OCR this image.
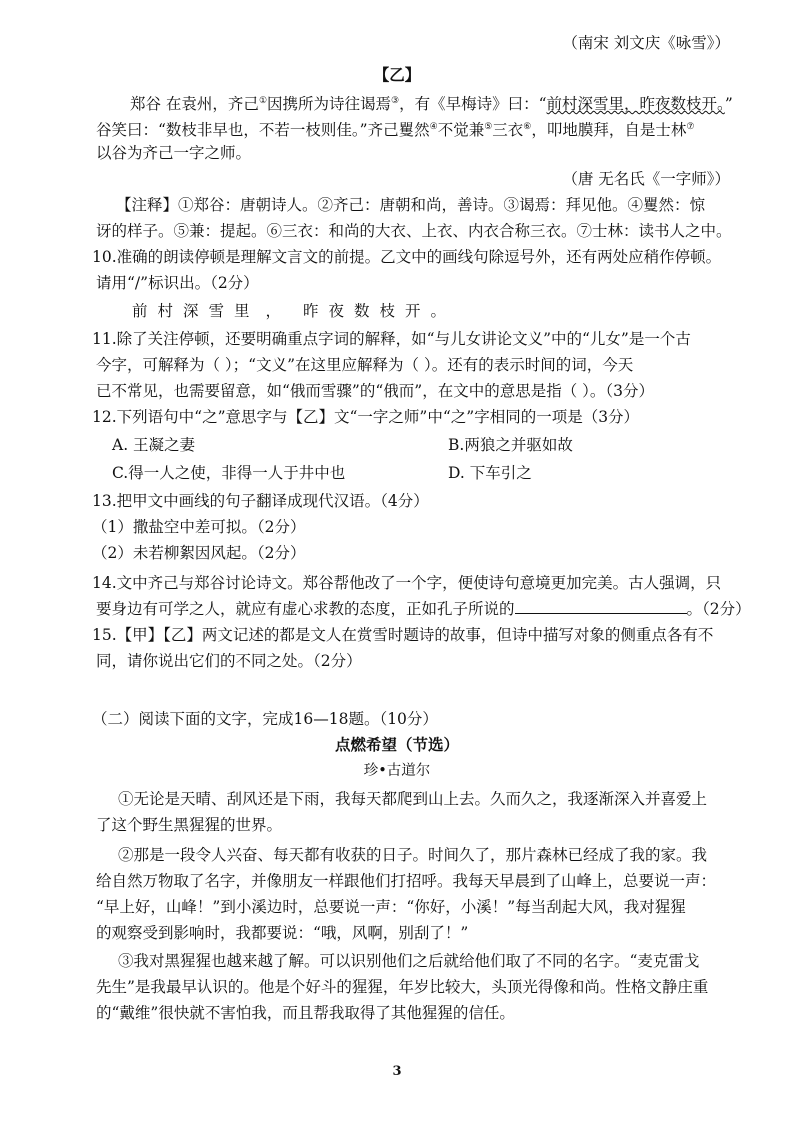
（南宋 刘文庆《咏雪》）
【乙】
郑谷 在袁州，齐己①因携所为诗往谒焉③，有《早梅诗》曰：“前村深雪里，昨夜数枝开。”
谷笑曰：“数枝非早也，不若一枝则佳。”齐己矍然④不觉兼⑤三衣⑥，叩地膜拜，自是士林⑦
以谷为齐己一字之师。
（唐 无名氏《一字师》）
【注释】①郑谷：唐朝诗人。②齐己：唐朝和尚，善诗。③谒焉：拜见他。④矍然：惊
讶的样子。⑤兼：提起。⑥三衣：和尚的大衣、上衣、内衣合称三衣。⑦士林：读书人之中。
10.准确的朗读停顿是理解文言文的前提。乙文中的画线句除逗号外，还有两处应稍作停顿。
请用“/”标识出。（2分）
前村深雪里 ， 昨夜数枝开。
11.除了关注停顿，还要明确重点字词的解释，如“与儿女讲论文义”中的“儿女”是一个古
今字，可解释为（ ）；“文义”在这里应解释为（ ）。还有的表示时间的词，今天
已不常见，也需要留意，如“俄而雪骤”的“俄而”，在文中的意思是指（ ）。（3分）
12.下列语句中“之”意思字与【乙】文“一字之师”中“之”字相同的一项是（3分）
A. 王凝之妻	B.两狼之并驱如故
C.得一人之使，非得一人于井中也	D. 下车引之
13.把甲文中画线的句子翻译成现代汉语。（4分）
（1）撒盐空中差可拟。（2分）
（2）未若柳絮因风起。（2分）
14.文中齐己与郑谷讨论诗文。郑谷帮他改了一个字，便使诗句意境更加完美。古人强调，只
要身边有可学之人，就应有虚心求教的态度，正如孔子所说的	。（2分）
15.【甲】【乙】两文记述的都是文人在赏雪时题诗的故事，但诗中描写对象的侧重点各有不
同，请你说出它们的不同之处。（2分）
（二）阅读下面的文字，完成16—18题。（10分）
点燃希望（节选）
珍•古道尔
①无论是天晴、刮风还是下雨，我每天都爬到山上去。久而久之，我逐渐深入并喜爱上
了这个野生黑猩猩的世界。
②那是一段令人兴奋、每天都有收获的日子。时间久了，那片森林已经成了我的家。我
给自然万物取了名字，并像朋友一样跟他们打招呼。我每天早晨到了山峰上，总要说一声：
“早上好，山峰！”到小溪边时，总要说一声：“你好，小溪！”每当刮起大风，我对猩猩
的观察受到影响时，我都要说：“哦，风啊，别刮了！”
③我对黑猩猩也越来越了解。可以识别他们之后就给他们取了不同的名字。“麦克雷戈
先生”是我最早认识的。他是个好斗的猩猩，年岁比较大，头顶光得像和尚。性格文静庄重
的“戴维”很快就不害怕我，而且帮我取得了其他猩猩的信任。
3
